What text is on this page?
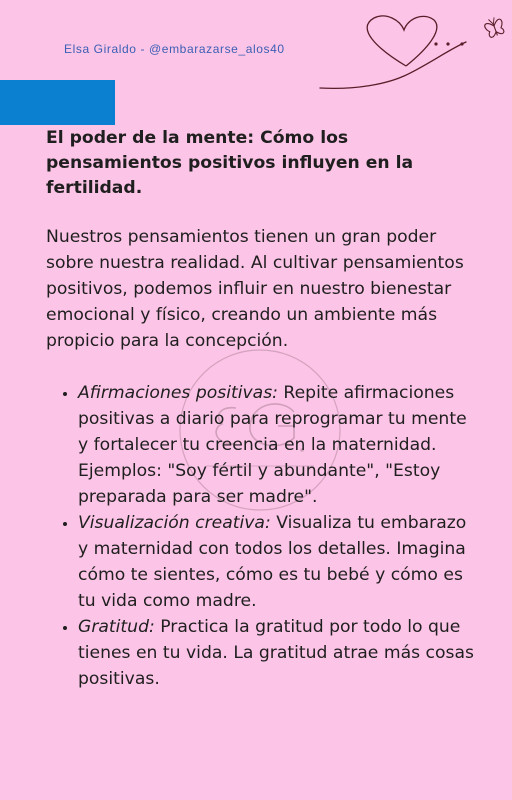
Elsa Giraldo - @embarazarse_alos40

El poder de la mente: Cómo los pensamientos positivos influyen en la fertilidad.

Nuestros pensamientos tienen un gran poder sobre nuestra realidad. Al cultivar pensamientos positivos, podemos influir en nuestro bienestar emocional y físico, creando un ambiente más propicio para la concepción.

• Afirmaciones positivas: Repite afirmaciones positivas a diario para reprogramar tu mente y fortalecer tu creencia en la maternidad. Ejemplos: "Soy fértil y abundante", "Estoy preparada para ser madre".
• Visualización creativa: Visualiza tu embarazo y maternidad con todos los detalles. Imagina cómo te sientes, cómo es tu bebé y cómo es tu vida como madre.
• Gratitud: Practica la gratitud por todo lo que tienes en tu vida. La gratitud atrae más cosas positivas.
